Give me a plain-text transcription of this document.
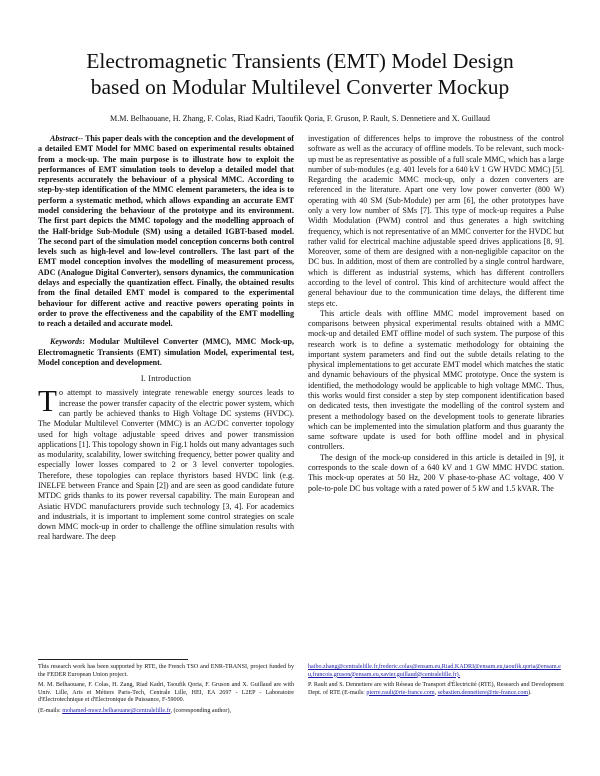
Electromagnetic Transients (EMT) Model Design
based on Modular Multilevel Converter Mockup
M.M. Belhaouane, H. Zhang, F. Colas, Riad Kadri, Taoufik Qoria, F. Gruson, P. Rault, S. Dennetiere and X. Guillaud

Abstract-- This paper deals with the conception and the development of a detailed EMT Model for MMC based on experimental results obtained from a mock-up. The main purpose is to illustrate how to exploit the performances of EMT simulation tools to develop a detailed model that represents accurately the behaviour of a physical MMC. According to step-by-step identification of the MMC element parameters, the idea is to perform a systematic method, which allows expanding an accurate EMT model considering the behaviour of the prototype and its environment. The first part depicts the MMC topology and the modelling approach of the Half-bridge Sub-Module (SM) using a detailed IGBT-based model. The second part of the simulation model conception concerns both control levels such as high-level and low-level controllers. The last part of the EMT model conception involves the modelling of measurement process, ADC (Analogue Digital Converter), sensors dynamics, the communication delays and especially the quantization effect. Finally, the obtained results from the final detailed EMT model is compared to the experimental behaviour for different active and reactive powers operating points in order to prove the effectiveness and the capability of the EMT modelling to reach a detailed and accurate model.

Keywords: Modular Multilevel Converter (MMC), MMC Mock-up, Electromagnetic Transients (EMT) simulation Model, experimental test, Model conception and development.

I. Introduction

To attempt to massively integrate renewable energy sources leads to increase the power transfer capacity of the electric power system, which can partly be achieved thanks to High Voltage DC systems (HVDC). The Modular Multilevel Converter (MMC) is an AC/DC converter topology used for high voltage adjustable speed drives and power transmission applications [1]. This topology shown in Fig.1 holds out many advantages such as modularity, scalability, lower switching frequency, better power quality and especially lower losses compared to 2 or 3 level converter topologies. Therefore, these topologies can replace thyristors based HVDC link (e.g. INELFE between France and Spain [2]) and are seen as good candidate future MTDC grids thanks to its power reversal capability. The main European and Asiatic HVDC manufacturers provide such technology [3, 4]. For academics and industrials, it is important to implement some control strategies on scale down MMC mock-up in order to challenge the offline simulation results with real hardware. The deep

investigation of differences helps to improve the robustness of the control software as well as the accuracy of offline models. To be relevant, such mock-up must be as representative as possible of a full scale MMC, which has a large number of sub-modules (e.g. 401 levels for a 640 kV 1 GW HVDC MMC) [5]. Regarding the academic MMC mock-up, only a dozen converters are referenced in the literature. Apart one very low power converter (800 W) operating with 40 SM (Sub-Module) per arm [6], the other prototypes have only a very low number of SMs [7]. This type of mock-up requires a Pulse Width Modulation (PWM) control and thus generates a high switching frequency, which is not representative of an MMC converter for the HVDC but rather valid for electrical machine adjustable speed drives applications [8, 9]. Moreover, some of them are designed with a non-negligible capacitor on the DC bus. In addition, most of them are controlled by a single control hardware, which is different as industrial systems, which has different controllers according to the level of control. This kind of architecture would affect the general behaviour due to the communication time delays, the different time steps etc.

This article deals with offline MMC model improvement based on comparisons between physical experimental results obtained with a MMC mock-up and detailed EMT offline model of such system. The purpose of this research work is to define a systematic methodology for obtaining the important system parameters and find out the subtle details relating to the physical implementations to get accurate EMT model which matches the static and dynamic behaviours of the physical MMC prototype. Once the system is identified, the methodology would be applicable to high voltage MMC. Thus, this works would first consider a step by step component identification based on dedicated tests, then investigate the modelling of the control system and present a methodology based on the development tools to generate libraries which can be implemented into the simulation platform and thus guaranty the same software update is used for both offline model and in physical controllers.

The design of the mock-up considered in this article is detailed in [9], it corresponds to the scale down of a 640 kV and 1 GW MMC HVDC station. This mock-up operates at 50 Hz, 200 V phase-to-phase AC voltage, 400 V pole-to-pole DC bus voltage with a rated power of 5 kW and 1.5 kVAR. The

This research work has been supported by RTE, the French TSO and ENR-TRANSI, project funded by the FEDER European Union project.

M. M. Belhaouane, F. Colas, H. Zang, Riad Kadri, Taoufik Qoria, F. Gruson and X. Guillaud are with Univ. Lille, Arts et Métiers Paris-Tech, Centrale Lille, HEI, EA 2697 - L2EP - Laboratoire d'Electrotechnique et d'Electronique de Puissance, F-59000.

(E-mails: mohamed-moez.belhaouane@centralelille.fr, (corresponding author),

haibo.zhang@centralelille.fr,frederic.colas@ensam.eu,Riad.KADRI@ensam.eu,taoufik.qoria@ensam.eu,francois.gruson@ensam.eu,xavier.guillaud@centralelille.fr).

P. Rault and S. Dennetiere are with Réseau de Transport d'Électricité (RTE), Research and Development Dept. of RTE (E-mails: pierre.rault@rte-france.com, sebastien.dennetiere@rte-france.com).
